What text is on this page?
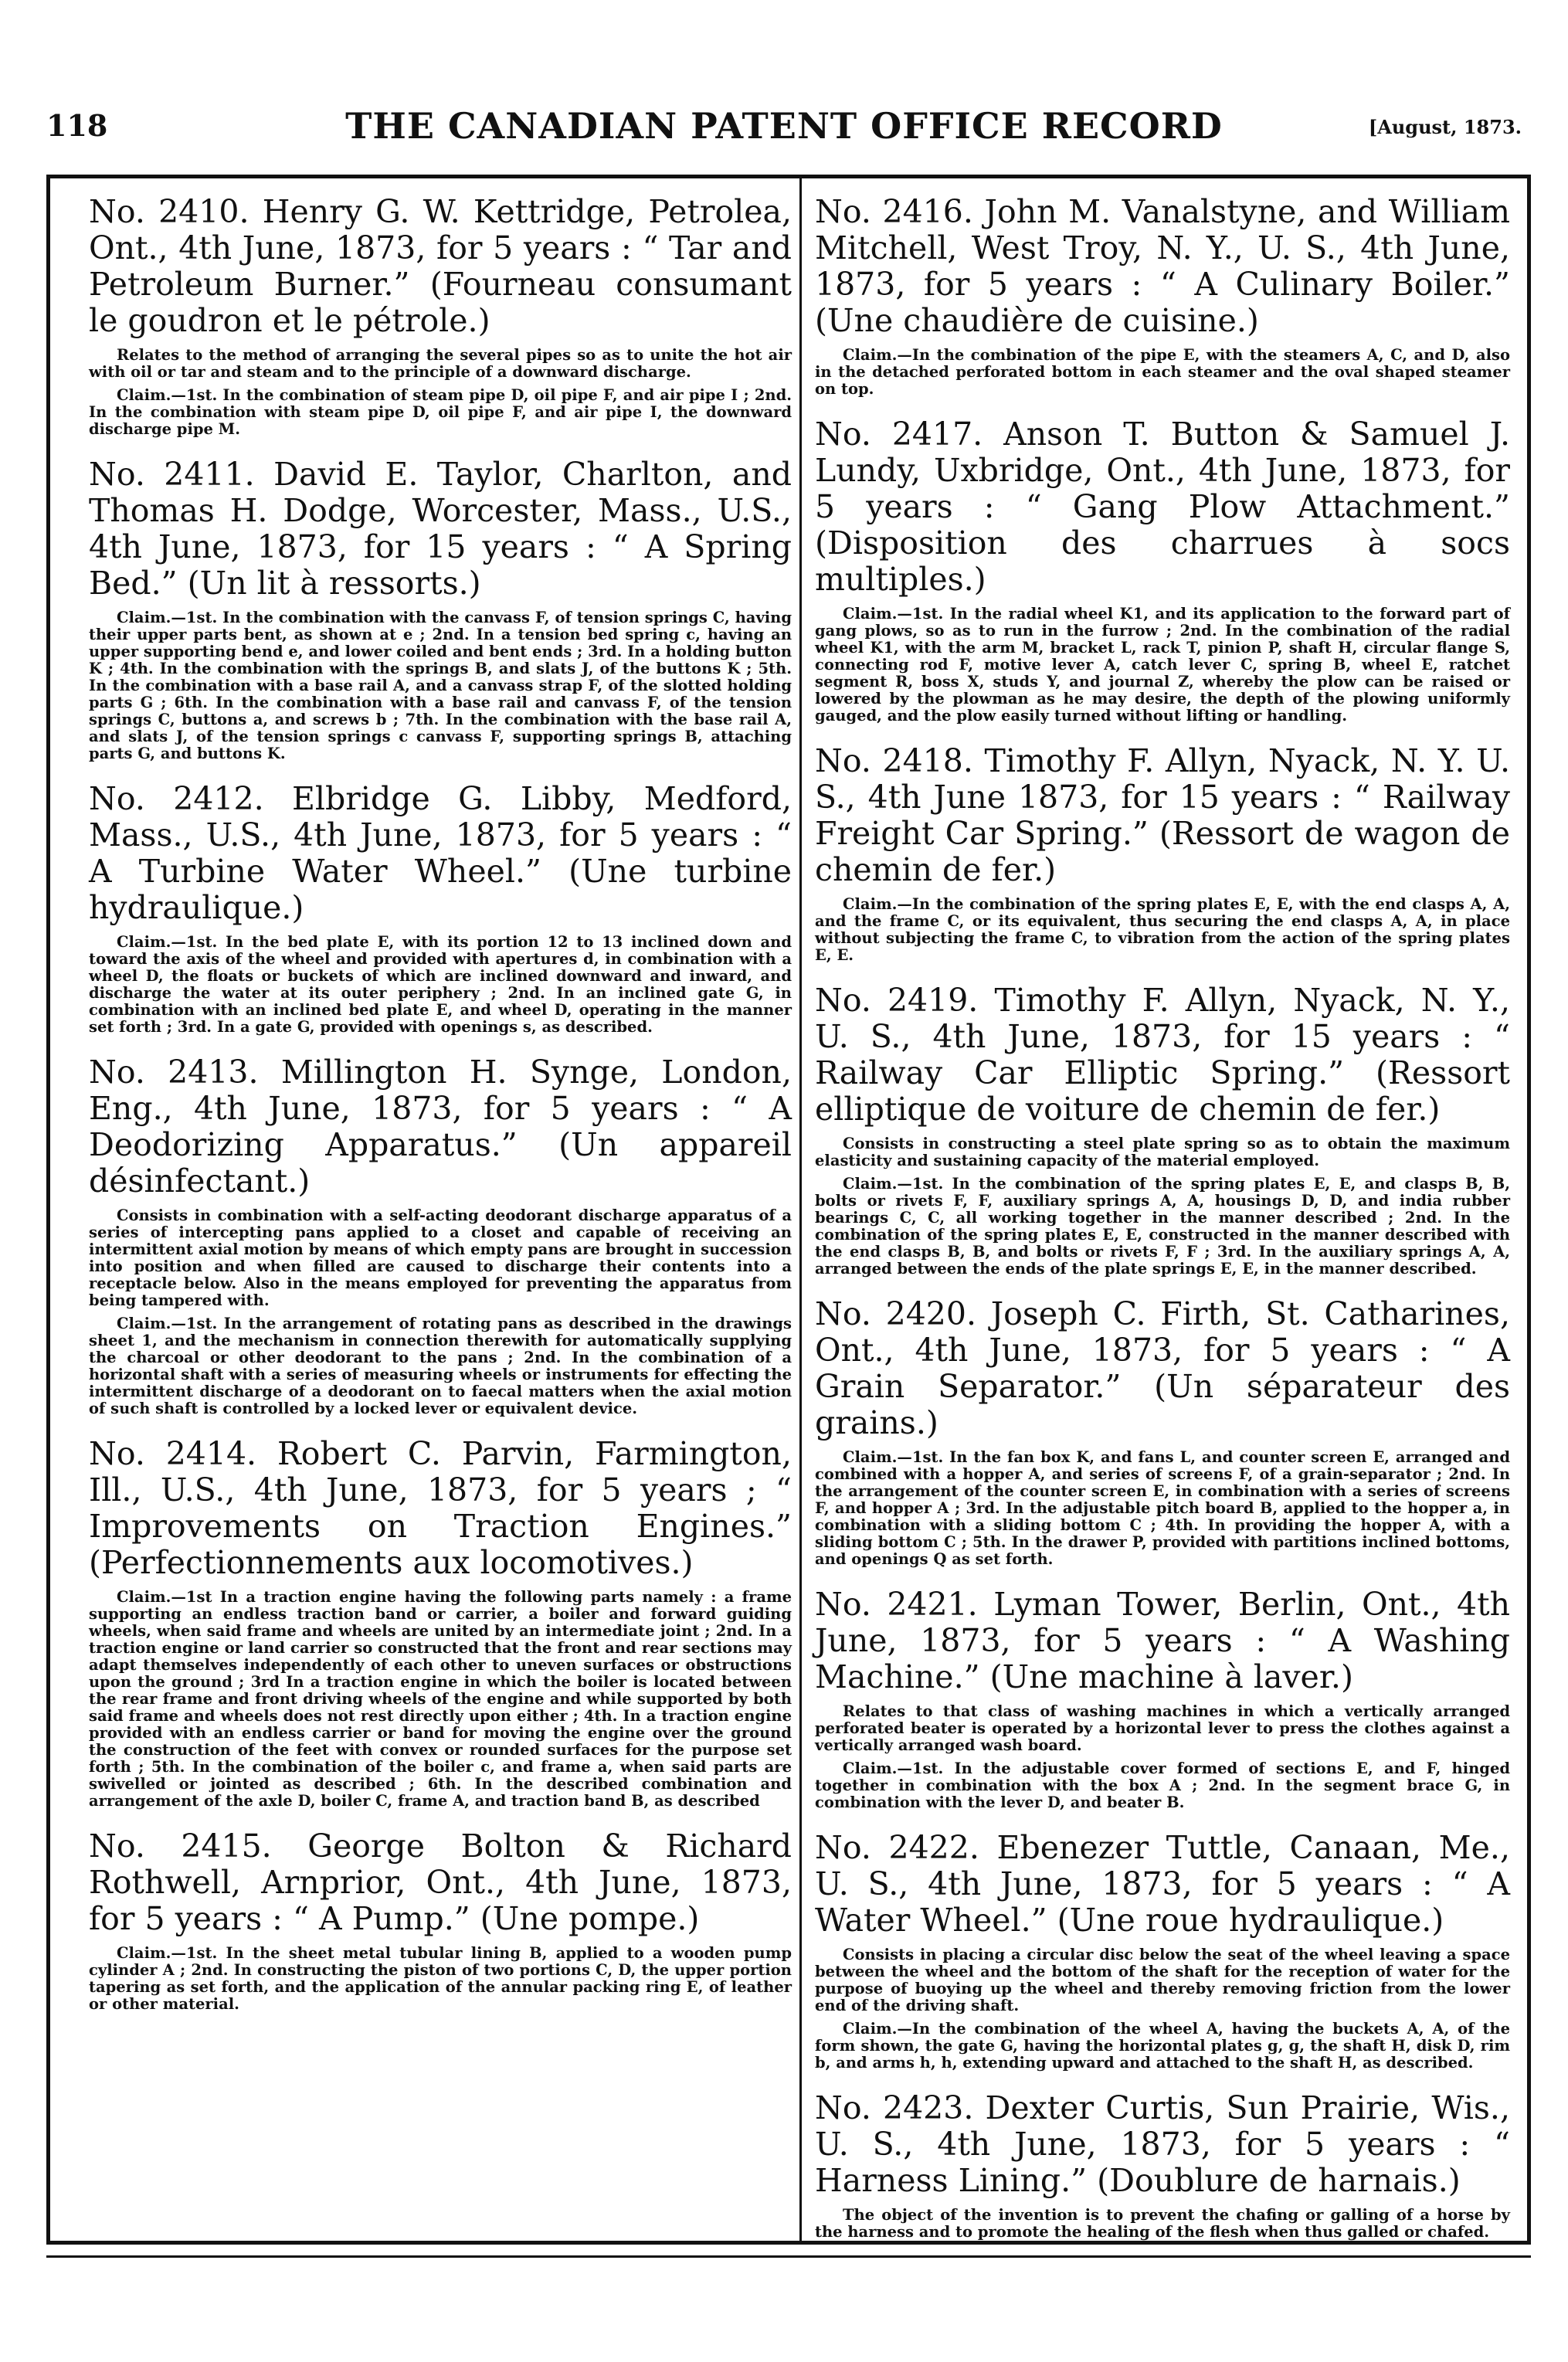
118	THE CANADIAN PATENT OFFICE RECORD	[August, 1873.

No. 2410. Henry G. W. Kettridge, Petrolea, Ont., 4th June, 1873, for 5 years : “ Tar and Petroleum Burner.” (Fourneau consumant le goudron et le pétrole.)

Relates to the method of arranging the several pipes so as to unite the hot air with oil or tar and steam and to the principle of a downward discharge.

Claim.—1st. In the combination of steam pipe D, oil pipe F, and air pipe I ; 2nd. In the combination with steam pipe D, oil pipe F, and air pipe I, the downward discharge pipe M.

No. 2411. David E. Taylor, Charlton, and Thomas H. Dodge, Worcester, Mass., U.S., 4th June, 1873, for 15 years : “ A Spring Bed.” (Un lit à ressorts.)

Claim.—1st. In the combination with the canvass F, of tension springs C, having their upper parts bent, as shown at e ; 2nd. In a tension bed spring c, having an upper supporting bend e, and lower coiled and bent ends ; 3rd. In a holding button K ; 4th. In the combination with the springs B, and slats J, of the buttons K ; 5th. In the combination with a base rail A, and a canvass strap F, of the slotted holding parts G ; 6th. In the combination with a base rail and canvass F, of the tension springs C, buttons a, and screws b ; 7th. In the combination with the base rail A, and slats J, of the tension springs c canvass F, supporting springs B, attaching parts G, and buttons K.

No. 2412. Elbridge G. Libby, Medford, Mass., U.S., 4th June, 1873, for 5 years : “ A Turbine Water Wheel.” (Une turbine hydraulique.)

Claim.—1st. In the bed plate E, with its portion 12 to 13 inclined down and toward the axis of the wheel and provided with apertures d, in combination with a wheel D, the floats or buckets of which are inclined downward and inward, and discharge the water at its outer periphery ; 2nd. In an inclined gate G, in combination with an inclined bed plate E, and wheel D, operating in the manner set forth ; 3rd. In a gate G, provided with openings s, as described.

No. 2413. Millington H. Synge, London, Eng., 4th June, 1873, for 5 years : “ A Deodorizing Apparatus.” (Un appareil désinfectant.)

Consists in combination with a self-acting deodorant discharge apparatus of a series of intercepting pans applied to a closet and capable of receiving an intermittent axial motion by means of which empty pans are brought in succession into position and when filled are caused to discharge their contents into a receptacle below. Also in the means employed for preventing the apparatus from being tampered with.

Claim.—1st. In the arrangement of rotating pans as described in the drawings sheet 1, and the mechanism in connection therewith for automatically supplying the charcoal or other deodorant to the pans ; 2nd. In the combination of a horizontal shaft with a series of measuring wheels or instruments for effecting the intermittent discharge of a deodorant on to faecal matters when the axial motion of such shaft is controlled by a locked lever or equivalent device.

No. 2414. Robert C. Parvin, Farmington, Ill., U.S., 4th June, 1873, for 5 years ; “ Improvements on Traction Engines.” (Perfectionnements aux locomotives.)

Claim.—1st In a traction engine having the following parts namely : a frame supporting an endless traction band or carrier, a boiler and forward guiding wheels, when said frame and wheels are united by an intermediate joint ; 2nd. In a traction engine or land carrier so constructed that the front and rear sections may adapt themselves independently of each other to uneven surfaces or obstructions upon the ground ; 3rd In a traction engine in which the boiler is located between the rear frame and front driving wheels of the engine and while supported by both said frame and wheels does not rest directly upon either ; 4th. In a traction engine provided with an endless carrier or band for moving the engine over the ground the construction of the feet with convex or rounded surfaces for the purpose set forth ; 5th. In the combination of the boiler c, and frame a, when said parts are swivelled or jointed as described ; 6th. In the described combination and arrangement of the axle D, boiler C, frame A, and traction band B, as described

No. 2415. George Bolton & Richard Rothwell, Arnprior, Ont., 4th June, 1873, for 5 years : “ A Pump.” (Une pompe.)

Claim.—1st. In the sheet metal tubular lining B, applied to a wooden pump cylinder A ; 2nd. In constructing the piston of two portions C, D, the upper portion tapering as set forth, and the application of the annular packing ring E, of leather or other material.

No. 2416. John M. Vanalstyne, and William Mitchell, West Troy, N. Y., U. S., 4th June, 1873, for 5 years : “ A Culinary Boiler.” (Une chaudière de cuisine.)

Claim.—In the combination of the pipe E, with the steamers A, C, and D, also in the detached perforated bottom in each steamer and the oval shaped steamer on top.

No. 2417. Anson T. Button & Samuel J. Lundy, Uxbridge, Ont., 4th June, 1873, for 5 years : “ Gang Plow Attachment.” (Disposition des charrues à socs multiples.)

Claim.—1st. In the radial wheel K1, and its application to the forward part of gang plows, so as to run in the furrow ; 2nd. In the combination of the radial wheel K1, with the arm M, bracket L, rack T, pinion P, shaft H, circular flange S, connecting rod F, motive lever A, catch lever C, spring B, wheel E, ratchet segment R, boss X, studs Y, and journal Z, whereby the plow can be raised or lowered by the plowman as he may desire, the depth of the plowing uniformly gauged, and the plow easily turned without lifting or handling.

No. 2418. Timothy F. Allyn, Nyack, N. Y. U. S., 4th June 1873, for 15 years : “ Railway Freight Car Spring.” (Ressort de wagon de chemin de fer.)

Claim.—In the combination of the spring plates E, E, with the end clasps A, A, and the frame C, or its equivalent, thus securing the end clasps A, A, in place without subjecting the frame C, to vibration from the action of the spring plates E, E.

No. 2419. Timothy F. Allyn, Nyack, N. Y., U. S., 4th June, 1873, for 15 years : “ Railway Car Elliptic Spring.” (Ressort elliptique de voiture de chemin de fer.)

Consists in constructing a steel plate spring so as to obtain the maximum elasticity and sustaining capacity of the material employed.

Claim.—1st. In the combination of the spring plates E, E, and clasps B, B, bolts or rivets F, F, auxiliary springs A, A, housings D, D, and india rubber bearings C, C, all working together in the manner described ; 2nd. In the combination of the spring plates E, E, constructed in the manner described with the end clasps B, B, and bolts or rivets F, F ; 3rd. In the auxiliary springs A, A, arranged between the ends of the plate springs E, E, in the manner described.

No. 2420. Joseph C. Firth, St. Catharines, Ont., 4th June, 1873, for 5 years : “ A Grain Separator.” (Un séparateur des grains.)

Claim.—1st. In the fan box K, and fans L, and counter screen E, arranged and combined with a hopper A, and series of screens F, of a grain-separator ; 2nd. In the arrangement of the counter screen E, in combination with a series of screens F, and hopper A ; 3rd. In the adjustable pitch board B, applied to the hopper a, in combination with a sliding bottom C ; 4th. In providing the hopper A, with a sliding bottom C ; 5th. In the drawer P, provided with partitions inclined bottoms, and openings Q as set forth.

No. 2421. Lyman Tower, Berlin, Ont., 4th June, 1873, for 5 years : “ A Washing Machine.” (Une machine à laver.)

Relates to that class of washing machines in which a vertically arranged perforated beater is operated by a horizontal lever to press the clothes against a vertically arranged wash board.

Claim.—1st. In the adjustable cover formed of sections E, and F, hinged together in combination with the box A ; 2nd. In the segment brace G, in combination with the lever D, and beater B.

No. 2422. Ebenezer Tuttle, Canaan, Me., U. S., 4th June, 1873, for 5 years : “ A Water Wheel.” (Une roue hydraulique.)

Consists in placing a circular disc below the seat of the wheel leaving a space between the wheel and the bottom of the shaft for the reception of water for the purpose of buoying up the wheel and thereby removing friction from the lower end of the driving shaft.

Claim.—In the combination of the wheel A, having the buckets A, A, of the form shown, the gate G, having the horizontal plates g, g, the shaft H, disk D, rim b, and arms h, h, extending upward and attached to the shaft H, as described.

No. 2423. Dexter Curtis, Sun Prairie, Wis., U. S., 4th June, 1873, for 5 years : “ Harness Lining.” (Doublure de harnais.)

The object of the invention is to prevent the chafing or galling of a horse by the harness and to promote the healing of the flesh when thus galled or chafed.
